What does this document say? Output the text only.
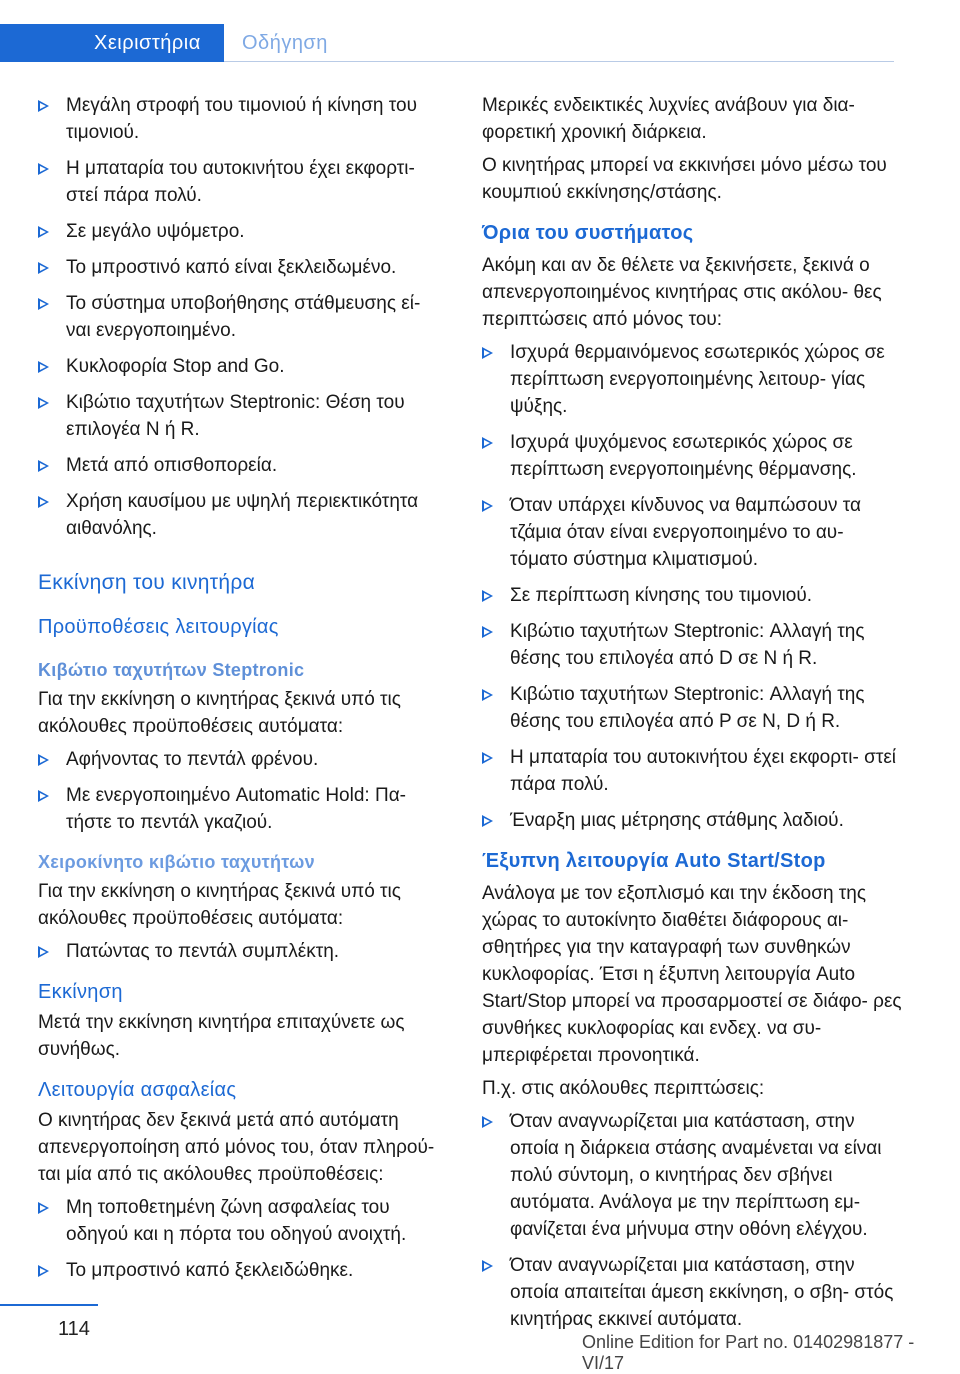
Χειριστήρια	Οδήγηση
Μεγάλη στροφή του τιμονιού ή κίνηση του τιμονιού.
Η μπαταρία του αυτοκινήτου έχει εκφορτι- στεί πάρα πολύ.
Σε μεγάλο υψόμετρο.
Το μπροστινό καπό είναι ξεκλειδωμένο.
Το σύστημα υποβοήθησης στάθμευσης εί- ναι ενεργοποιημένο.
Κυκλοφορία Stop and Go.
Κιβώτιο ταχυτήτων Steptronic: Θέση του επιλογέα N ή R.
Μετά από οπισθοπορεία.
Χρήση καυσίμου με υψηλή περιεκτικότητα αιθανόλης.
Εκκίνηση του κινητήρα
Προϋποθέσεις λειτουργίας
Κιβώτιο ταχυτήτων Steptronic

Για την εκκίνηση ο κινητήρας ξεκινά υπό τις ακόλουθες προϋποθέσεις αυτόματα:

Αφήνοντας το πεντάλ φρένου.
Με ενεργοποιημένο Automatic Hold: Πα- τήστε το πεντάλ γκαζιού.
Χειροκίνητο κιβώτιο ταχυτήτων

Για την εκκίνηση ο κινητήρας ξεκινά υπό τις ακόλουθες προϋποθέσεις αυτόματα:

Πατώντας το πεντάλ συμπλέκτη.
Εκκίνηση

Μετά την εκκίνηση κινητήρα επιταχύνετε ως συνήθως.

Λειτουργία ασφαλείας

Ο κινητήρας δεν ξεκινά μετά από αυτόματη απενεργοποίηση από μόνος του, όταν πληρού- ται μία από τις ακόλουθες προϋποθέσεις:

Μη τοποθετημένη ζώνη ασφαλείας του οδηγού και η πόρτα του οδηγού ανοιχτή.
Το μπροστινό καπό ξεκλειδώθηκε.

Μερικές ενδεικτικές λυχνίες ανάβουν για δια- φορετική χρονική διάρκεια.

Ο κινητήρας μπορεί να εκκινήσει μόνο μέσω του κουμπιού εκκίνησης/στάσης.

Όρια του συστήματος

Ακόμη και αν δε θέλετε να ξεκινήσετε, ξεκινά ο απενεργοποιημένος κινητήρας στις ακόλου- θες περιπτώσεις από μόνος του:

Ισχυρά θερμαινόμενος εσωτερικός χώρος σε περίπτωση ενεργοποιημένης λειτουρ- γίας ψύξης.
Ισχυρά ψυχόμενος εσωτερικός χώρος σε περίπτωση ενεργοποιημένης θέρμανσης.
Όταν υπάρχει κίνδυνος να θαμπώσουν τα τζάμια όταν είναι ενεργοποιημένο το αυ- τόματο σύστημα κλιματισμού.
Σε περίπτωση κίνησης του τιμονιού.
Κιβώτιο ταχυτήτων Steptronic: Αλλαγή της θέσης του επιλογέα από D σε N ή R.
Κιβώτιο ταχυτήτων Steptronic: Αλλαγή της θέσης του επιλογέα από P σε N, D ή R.
Η μπαταρία του αυτοκινήτου έχει εκφορτι- στεί πάρα πολύ.
Έναρξη μιας μέτρησης στάθμης λαδιού.
Έξυπνη λειτουργία Auto Start/Stop

Ανάλογα με τον εξοπλισμό και την έκδοση της χώρας το αυτοκίνητο διαθέτει διάφορους αι- σθητήρες για την καταγραφή των συνθηκών κυκλοφορίας. Έτσι η έξυπνη λειτουργία Auto Start/Stop μπορεί να προσαρμοστεί σε διάφο- ρες συνθήκες κυκλοφορίας και ενδεχ. να συ- μπεριφέρεται προνοητικά.

Π.χ. στις ακόλουθες περιπτώσεις:

Όταν αναγνωρίζεται μια κατάσταση, στην οποία η διάρκεια στάσης αναμένεται να είναι πολύ σύντομη, ο κινητήρας δεν σβήνει αυτόματα. Ανάλογα με την περίπτωση εμ- φανίζεται ένα μήνυμα στην οθόνη ελέγχου.
Όταν αναγνωρίζεται μια κατάσταση, στην οποία απαιτείται άμεση εκκίνηση, ο σβη- στός κινητήρας εκκινεί αυτόματα.
114
Online Edition for Part no. 01402981877 - VI/17
